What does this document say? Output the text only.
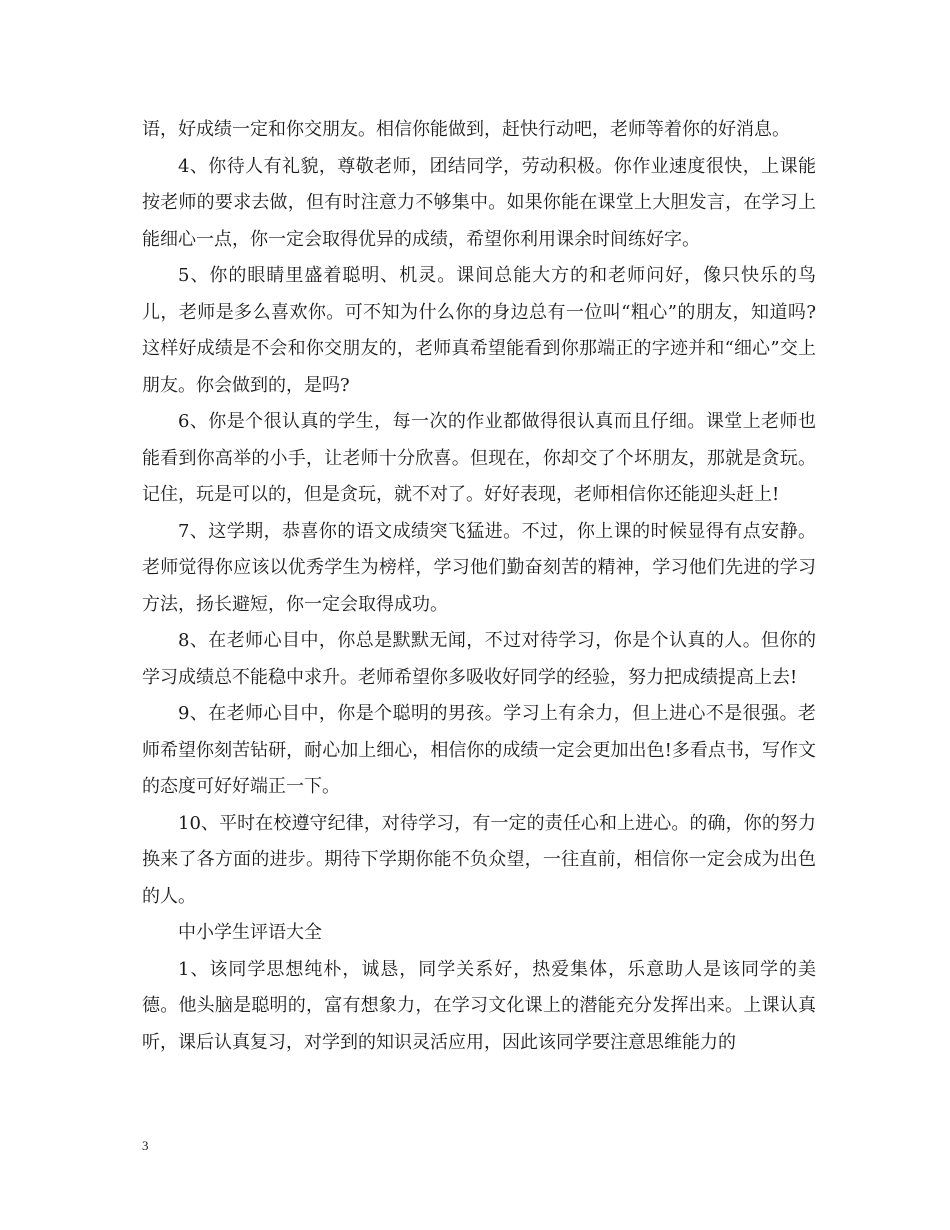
语，好成绩一定和你交朋友。相信你能做到，赶快行动吧，老师等着你的好消息。

4、你待人有礼貌，尊敬老师，团结同学，劳动积极。你作业速度很快，上课能按老师的要求去做，但有时注意力不够集中。如果你能在课堂上大胆发言，在学习上能细心一点，你一定会取得优异的成绩，希望你利用课余时间练好字。

5、你的眼睛里盛着聪明、机灵。课间总能大方的和老师问好，像只快乐的鸟儿，老师是多么喜欢你。可不知为什么你的身边总有一位叫“粗心”的朋友，知道吗?这样好成绩是不会和你交朋友的，老师真希望能看到你那端正的字迹并和“细心”交上朋友。你会做到的，是吗?

6、你是个很认真的学生，每一次的作业都做得很认真而且仔细。课堂上老师也能看到你高举的小手，让老师十分欣喜。但现在，你却交了个坏朋友，那就是贪玩。记住，玩是可以的，但是贪玩，就不对了。好好表现，老师相信你还能迎头赶上!

7、这学期，恭喜你的语文成绩突飞猛进。不过，你上课的时候显得有点安静。老师觉得你应该以优秀学生为榜样，学习他们勤奋刻苦的精神，学习他们先进的学习方法，扬长避短，你一定会取得成功。

8、在老师心目中，你总是默默无闻，不过对待学习，你是个认真的人。但你的学习成绩总不能稳中求升。老师希望你多吸收好同学的经验，努力把成绩提高上去!

9、在老师心目中，你是个聪明的男孩。学习上有余力，但上进心不是很强。老师希望你刻苦钻研，耐心加上细心，相信你的成绩一定会更加出色!多看点书，写作文的态度可好好端正一下。

10、平时在校遵守纪律，对待学习，有一定的责任心和上进心。的确，你的努力换来了各方面的进步。期待下学期你能不负众望，一往直前，相信你一定会成为出色的人。

中小学生评语大全

1、该同学思想纯朴，诚恳，同学关系好，热爱集体，乐意助人是该同学的美德。他头脑是聪明的，富有想象力，在学习文化课上的潜能充分发挥出来。上课认真听，课后认真复习，对学到的知识灵活应用，因此该同学要注意思维能力的

3
